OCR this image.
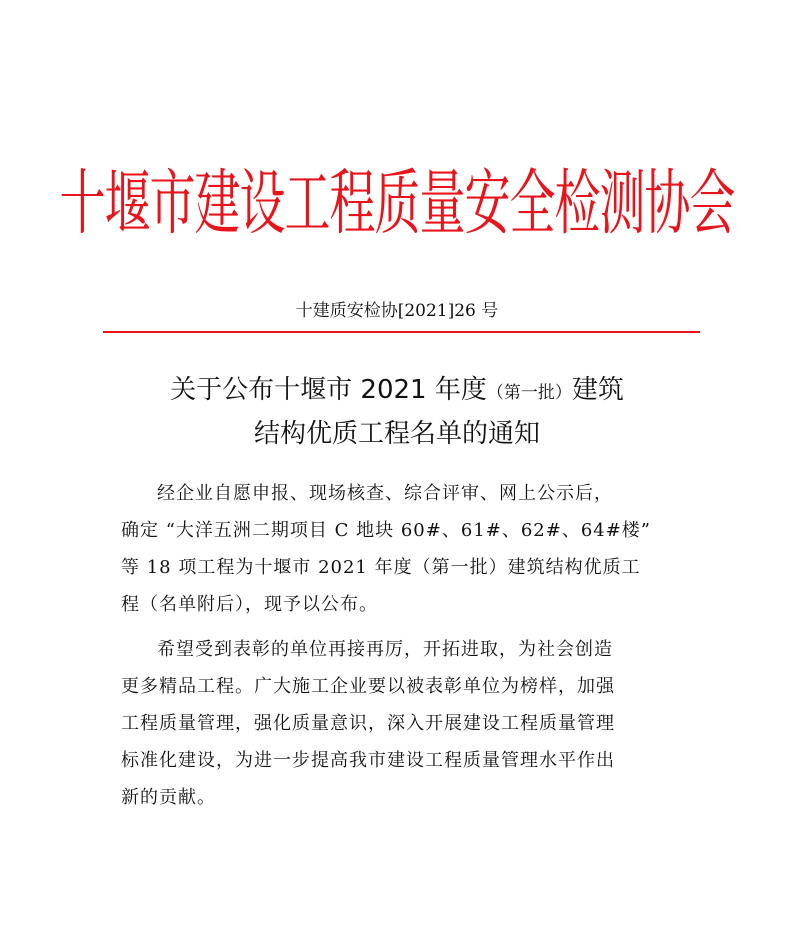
十堰市建设工程质量安全检测协会
十建质安检协[2021]26 号
关于公布十堰市 2021 年度（第一批）建筑
结构优质工程名单的通知
经企业自愿申报、现场核查、综合评审、网上公示后，
确定 “大洋五洲二期项目 C 地块 60#、61#、62#、64#楼”
等 18 项工程为十堰市 2021 年度（第一批）建筑结构优质工
程（名单附后），现予以公布。
希望受到表彰的单位再接再厉，开拓进取，为社会创造
更多精品工程。广大施工企业要以被表彰单位为榜样，加强
工程质量管理，强化质量意识，深入开展建设工程质量管理
标准化建设，为进一步提高我市建设工程质量管理水平作出
新的贡献。
